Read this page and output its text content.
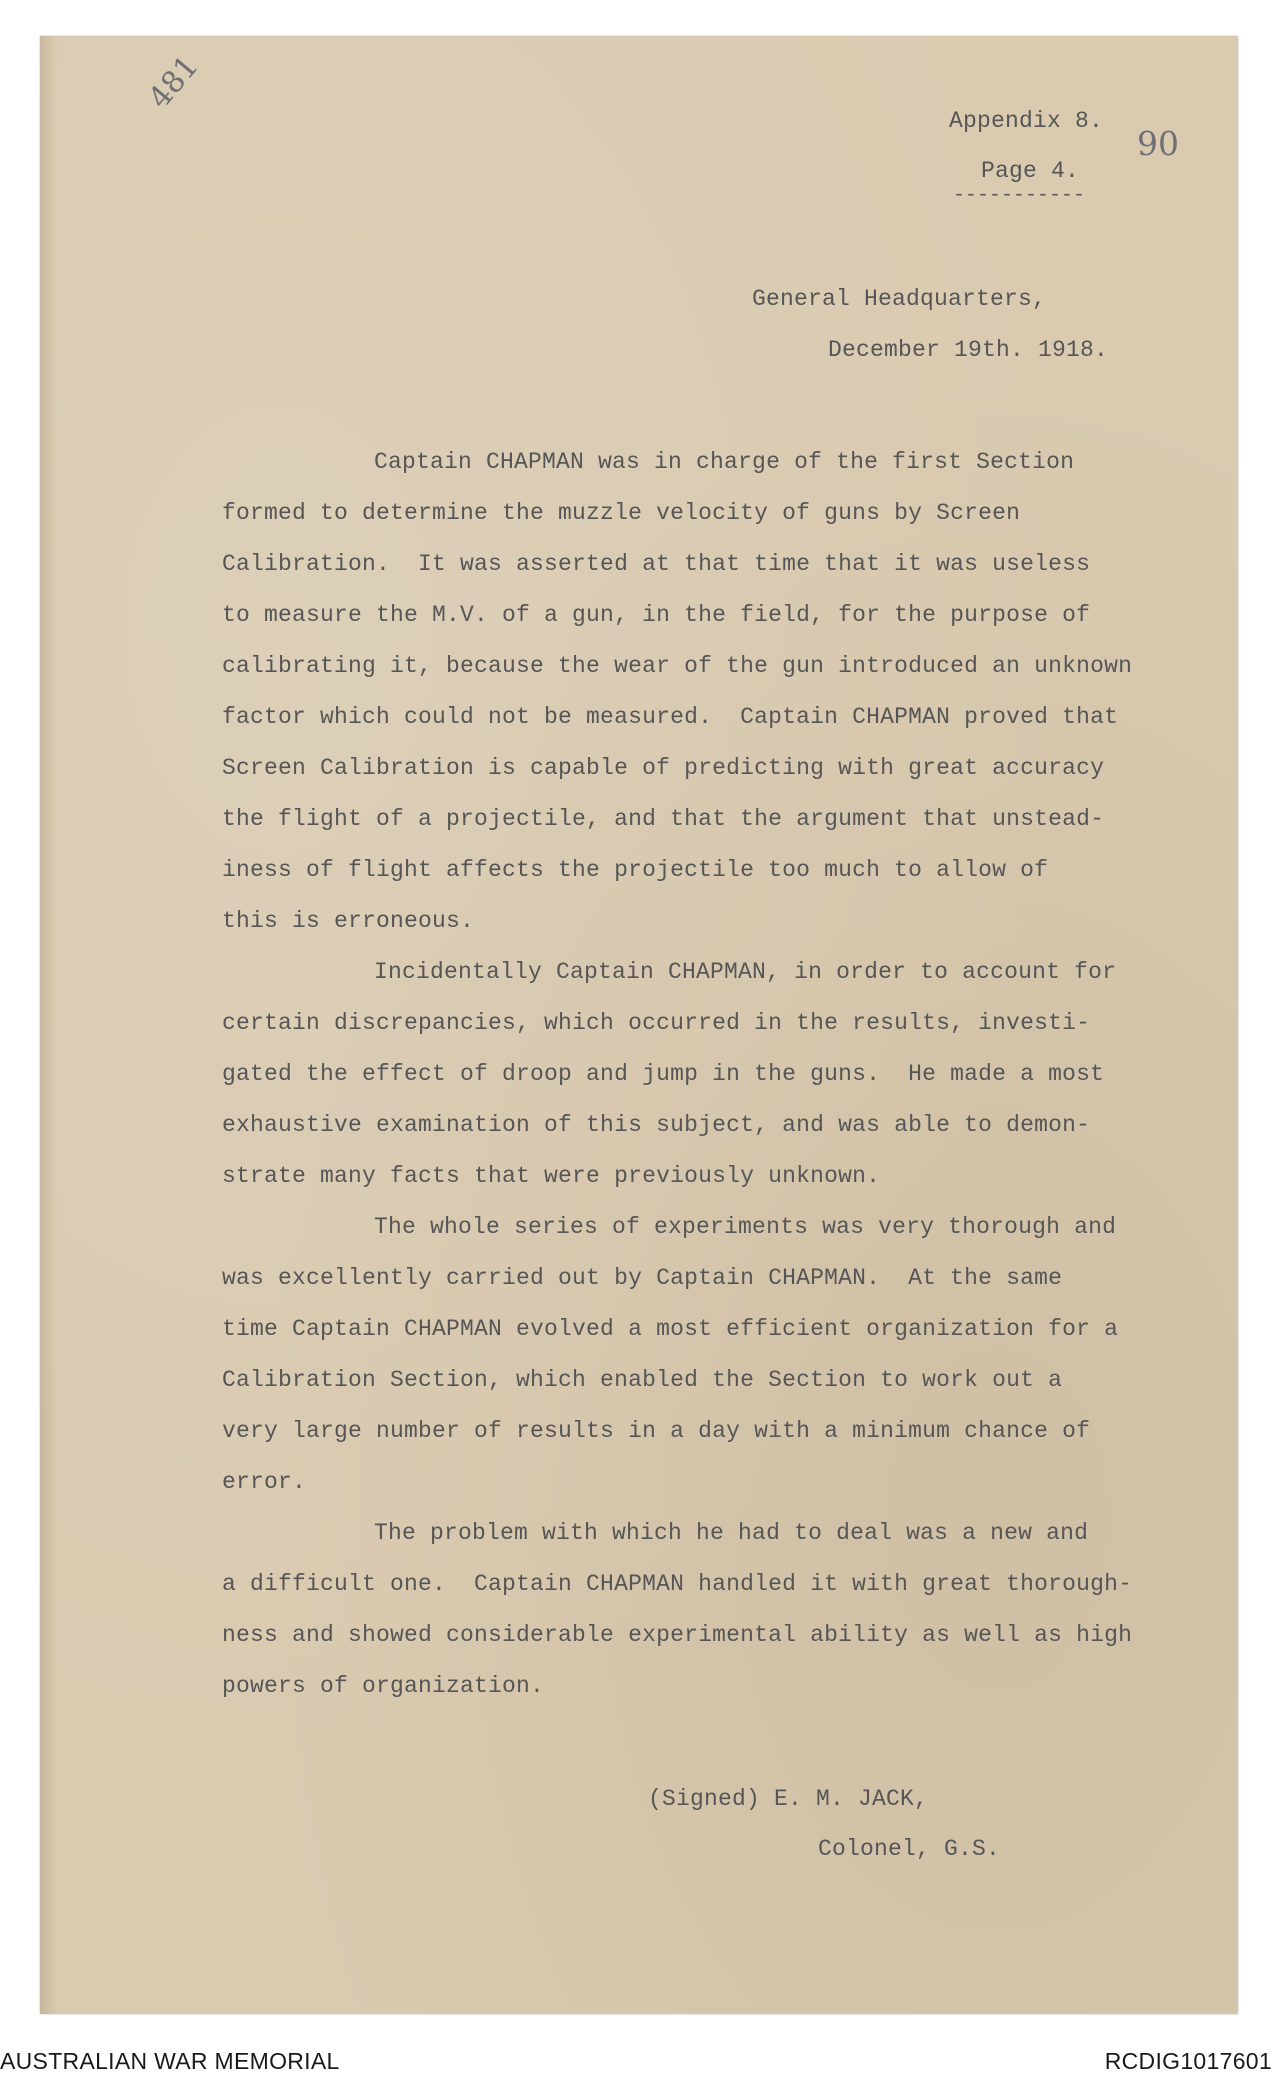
481
90
Appendix 8.
Page 4.
-----------
General Headquarters,
December 19th. 1918.
Captain CHAPMAN was in charge of the first Section
formed to determine the muzzle velocity of guns by Screen
Calibration.  It was asserted at that time that it was useless
to measure the M.V. of a gun, in the field, for the purpose of
calibrating it, because the wear of the gun introduced an unknown
factor which could not be measured.  Captain CHAPMAN proved that
Screen Calibration is capable of predicting with great accuracy
the flight of a projectile, and that the argument that unstead-
iness of flight affects the projectile too much to allow of
this is erroneous.
Incidentally Captain CHAPMAN, in order to account for
certain discrepancies, which occurred in the results, investi-
gated the effect of droop and jump in the guns.  He made a most
exhaustive examination of this subject, and was able to demon-
strate many facts that were previously unknown.
The whole series of experiments was very thorough and
was excellently carried out by Captain CHAPMAN.  At the same
time Captain CHAPMAN evolved a most efficient organization for a
Calibration Section, which enabled the Section to work out a
very large number of results in a day with a minimum chance of
error.
The problem with which he had to deal was a new and
a difficult one.  Captain CHAPMAN handled it with great thorough-
ness and showed considerable experimental ability as well as high
powers of organization.
(Signed) E. M. JACK,
Colonel, G.S.
AUSTRALIAN WAR MEMORIAL	RCDIG1017601
